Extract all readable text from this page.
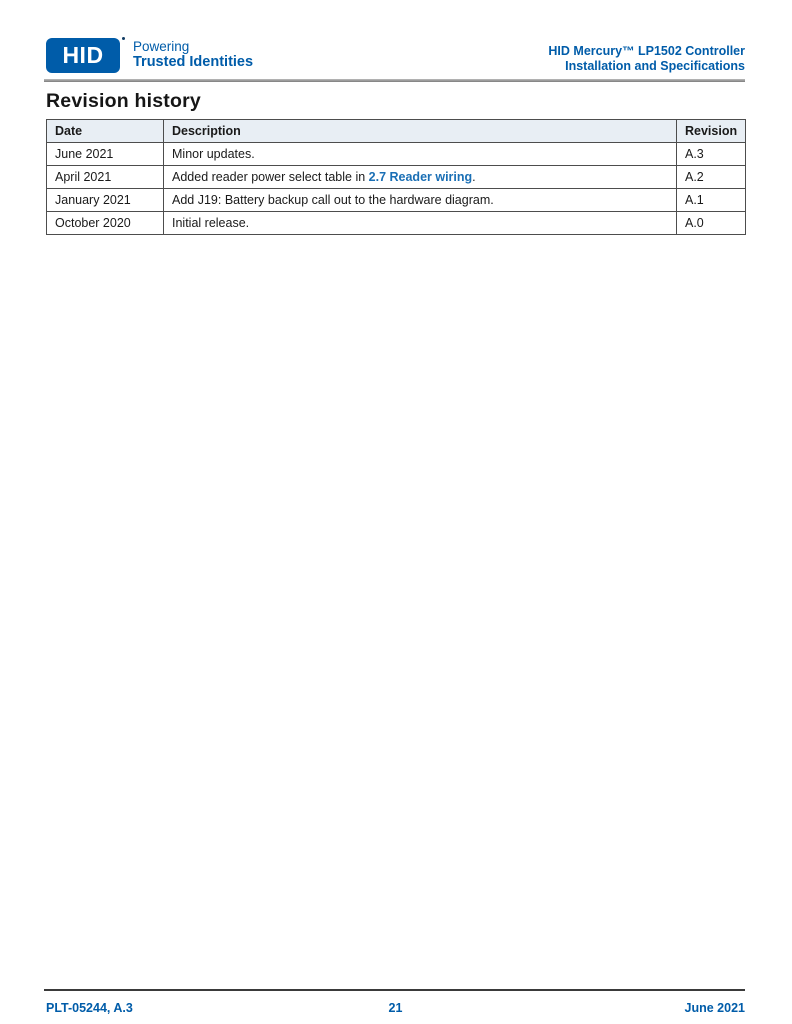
HID Powering
Trusted Identities
HID Mercury™ LP1502 Controller
Installation and Specifications
Revision history
Date	Description	Revision
June 2021	Minor updates.	A.3
April 2021	Added reader power select table in 2.7 Reader wiring.	A.2
January 2021	Add J19: Battery backup call out to the hardware diagram.	A.1
October 2020	Initial release.	A.0
PLT-05244, A.3	21	June 2021
